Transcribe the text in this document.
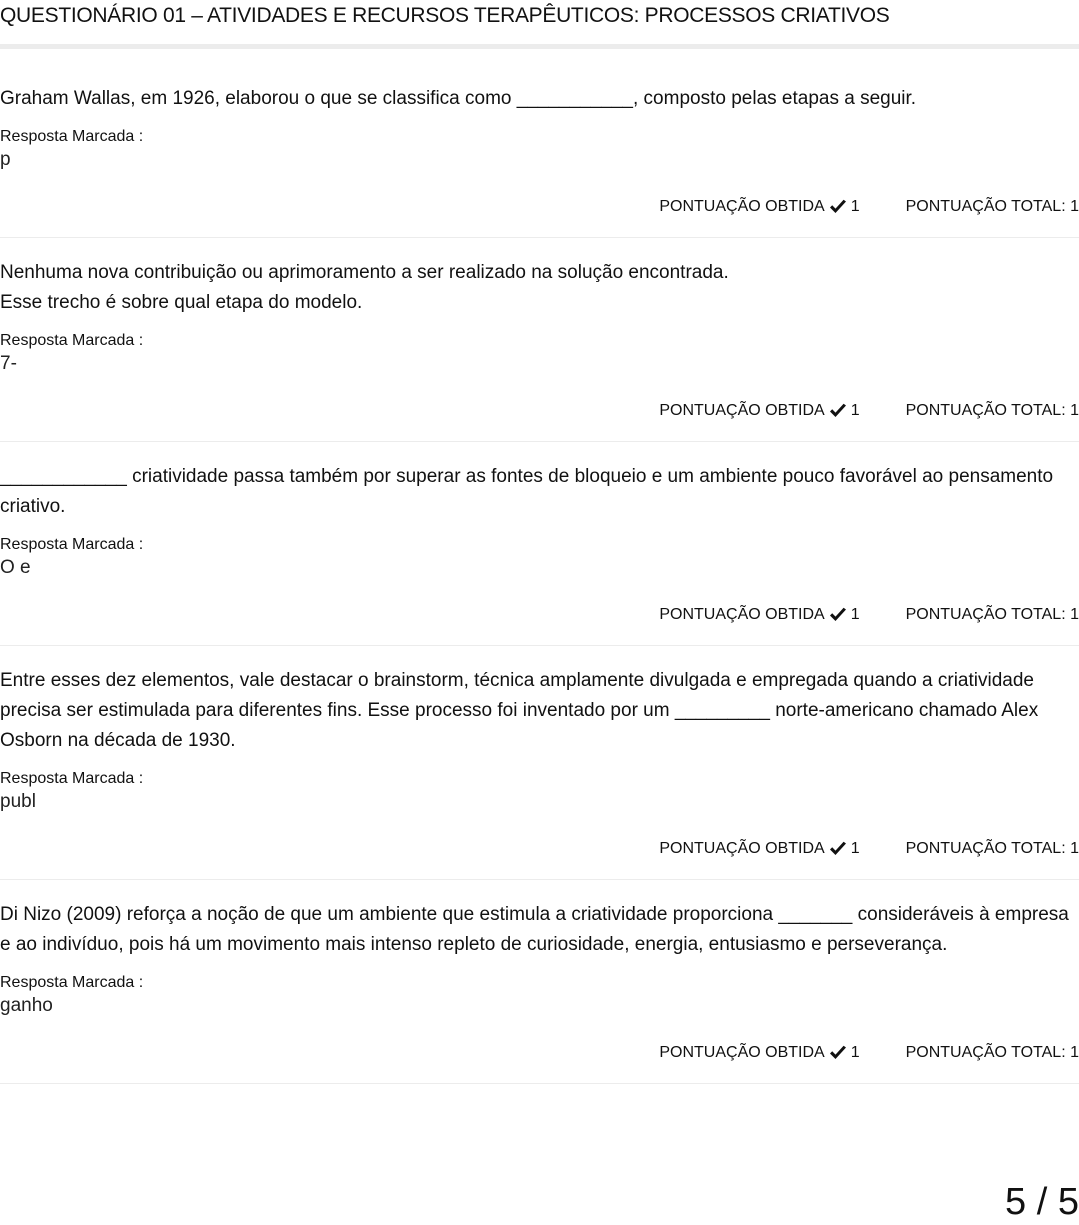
QUESTIONÁRIO 01 – ATIVIDADES E RECURSOS TERAPÊUTICOS: PROCESSOS CRIATIVOS

Graham Wallas, em 1926, elaborou o que se classifica como ___________, composto pelas etapas a seguir.

Resposta Marcada :
p
PONTUAÇÃO OBTIDA 1	PONTUAÇÃO TOTAL: 1

Nenhuma nova contribuição ou aprimoramento a ser realizado na solução encontrada.
Esse trecho é sobre qual etapa do modelo.

Resposta Marcada :
7-
PONTUAÇÃO OBTIDA 1	PONTUAÇÃO TOTAL: 1

____________ criatividade passa também por superar as fontes de bloqueio e um ambiente pouco favorável ao pensamento criativo.

Resposta Marcada :
O e
PONTUAÇÃO OBTIDA 1	PONTUAÇÃO TOTAL: 1

Entre esses dez elementos, vale destacar o brainstorm, técnica amplamente divulgada e empregada quando a criatividade precisa ser estimulada para diferentes fins. Esse processo foi inventado por um _________ norte-americano chamado Alex Osborn na década de 1930.

Resposta Marcada :
publ
PONTUAÇÃO OBTIDA 1	PONTUAÇÃO TOTAL: 1

Di Nizo (2009) reforça a noção de que um ambiente que estimula a criatividade proporciona _______ consideráveis à empresa e ao indivíduo, pois há um movimento mais intenso repleto de curiosidade, energia, entusiasmo e perseverança.

Resposta Marcada :
ganho
PONTUAÇÃO OBTIDA 1	PONTUAÇÃO TOTAL: 1
5 / 5
